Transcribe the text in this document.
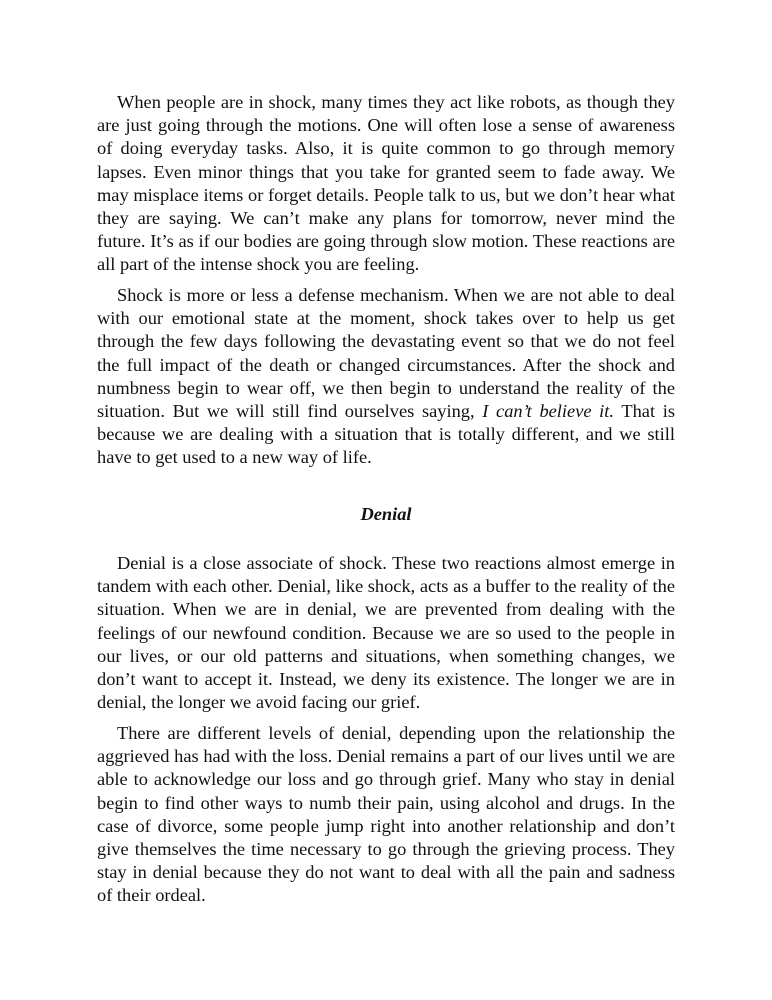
When people are in shock, many times they act like robots, as though they are just going through the motions. One will often lose a sense of awareness of doing everyday tasks. Also, it is quite common to go through memory lapses. Even minor things that you take for granted seem to fade away. We may misplace items or forget details. People talk to us, but we don’t hear what they are saying. We can’t make any plans for tomorrow, never mind the future. It’s as if our bodies are going through slow motion. These reactions are all part of the intense shock you are feeling.

Shock is more or less a defense mechanism. When we are not able to deal with our emotional state at the moment, shock takes over to help us get through the few days following the devastating event so that we do not feel the full impact of the death or changed circumstances. After the shock and numbness begin to wear off, we then begin to understand the reality of the situation. But we will still find ourselves saying, I can’t believe it. That is because we are dealing with a situation that is totally different, and we still have to get used to a new way of life.

Denial

Denial is a close associate of shock. These two reactions almost emerge in tandem with each other. Denial, like shock, acts as a buffer to the reality of the situation. When we are in denial, we are prevented from dealing with the feelings of our newfound condition. Because we are so used to the people in our lives, or our old patterns and situations, when something changes, we don’t want to accept it. Instead, we deny its existence. The longer we are in denial, the longer we avoid facing our grief.

There are different levels of denial, depending upon the relationship the aggrieved has had with the loss. Denial remains a part of our lives until we are able to acknowledge our loss and go through grief. Many who stay in denial begin to find other ways to numb their pain, using alcohol and drugs. In the case of divorce, some people jump right into another relationship and don’t give themselves the time necessary to go through the grieving process. They stay in denial because they do not want to deal with all the pain and sadness of their ordeal.
